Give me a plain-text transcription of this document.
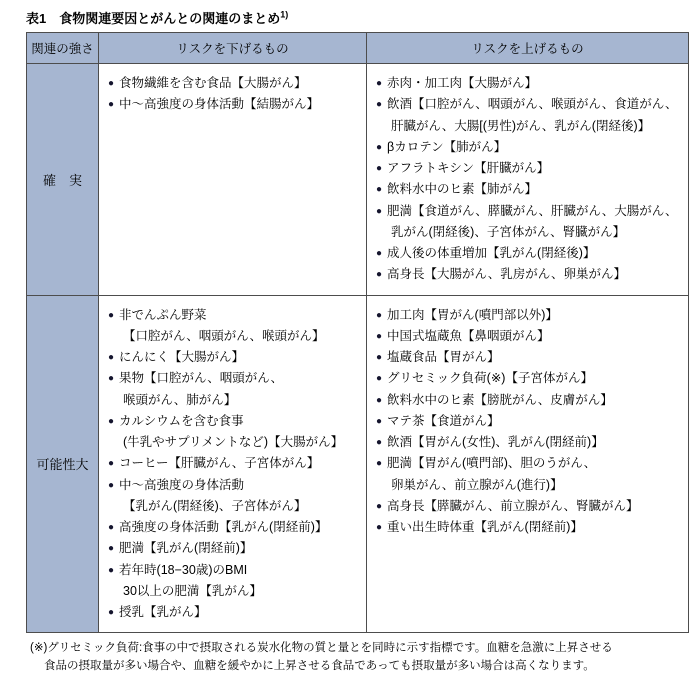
表1　食物関連要因とがんとの関連のまとめ$^{1)}$
関連の強さ	リスクを下げるもの	リスクを上げるもの
確　実
● 食物繊維を含む食品【大腸がん】
● 中〜高強度の身体活動【結腸がん】
● 赤肉・加工肉【大腸がん】
● 飲酒【口腔がん、咽頭がん、喉頭がん、食道がん、
肝臓がん、大腸[(男性)がん、乳がん(閉経後)】
● βカロテン【肺がん】
● アフラトキシン【肝臓がん】
● 飲料水中のヒ素【肺がん】
● 肥満【食道がん、膵臓がん、肝臓がん、大腸がん、
乳がん(閉経後)、子宮体がん、腎臓がん】
● 成人後の体重増加【乳がん(閉経後)】
● 高身長【大腸がん、乳房がん、卵巣がん】
可能性大
● 非でんぷん野菜
【口腔がん、咽頭がん、喉頭がん】
● にんにく【大腸がん】
● 果物【口腔がん、咽頭がん、
喉頭がん、肺がん】
● カルシウムを含む食事
(牛乳やサプリメントなど)【大腸がん】
● コーヒー【肝臓がん、子宮体がん】
● 中〜高強度の身体活動
【乳がん(閉経後)、子宮体がん】
● 高強度の身体活動【乳がん(閉経前)】
● 肥満【乳がん(閉経前)】
● 若年時(18−30歳)のBMI
30以上の肥満【乳がん】
● 授乳【乳がん】
● 加工肉【胃がん(噴門部以外)】
● 中国式塩蔵魚【鼻咽頭がん】
● 塩蔵食品【胃がん】
● グリセミック負荷(※)【子宮体がん】
● 飲料水中のヒ素【膀胱がん、皮膚がん】
● マテ茶【食道がん】
● 飲酒【胃がん(女性)、乳がん(閉経前)】
● 肥満【胃がん(噴門部)、胆のうがん、
卵巣がん、前立腺がん(進行)】
● 高身長【膵臓がん、前立腺がん、腎臓がん】
● 重い出生時体重【乳がん(閉経前)】
(※)グリセミック負荷:食事の中で摂取される炭水化物の質と量とを同時に示す指標です。血糖を急激に上昇させる
食品の摂取量が多い場合や、血糖を緩やかに上昇させる食品であっても摂取量が多い場合は高くなります。
